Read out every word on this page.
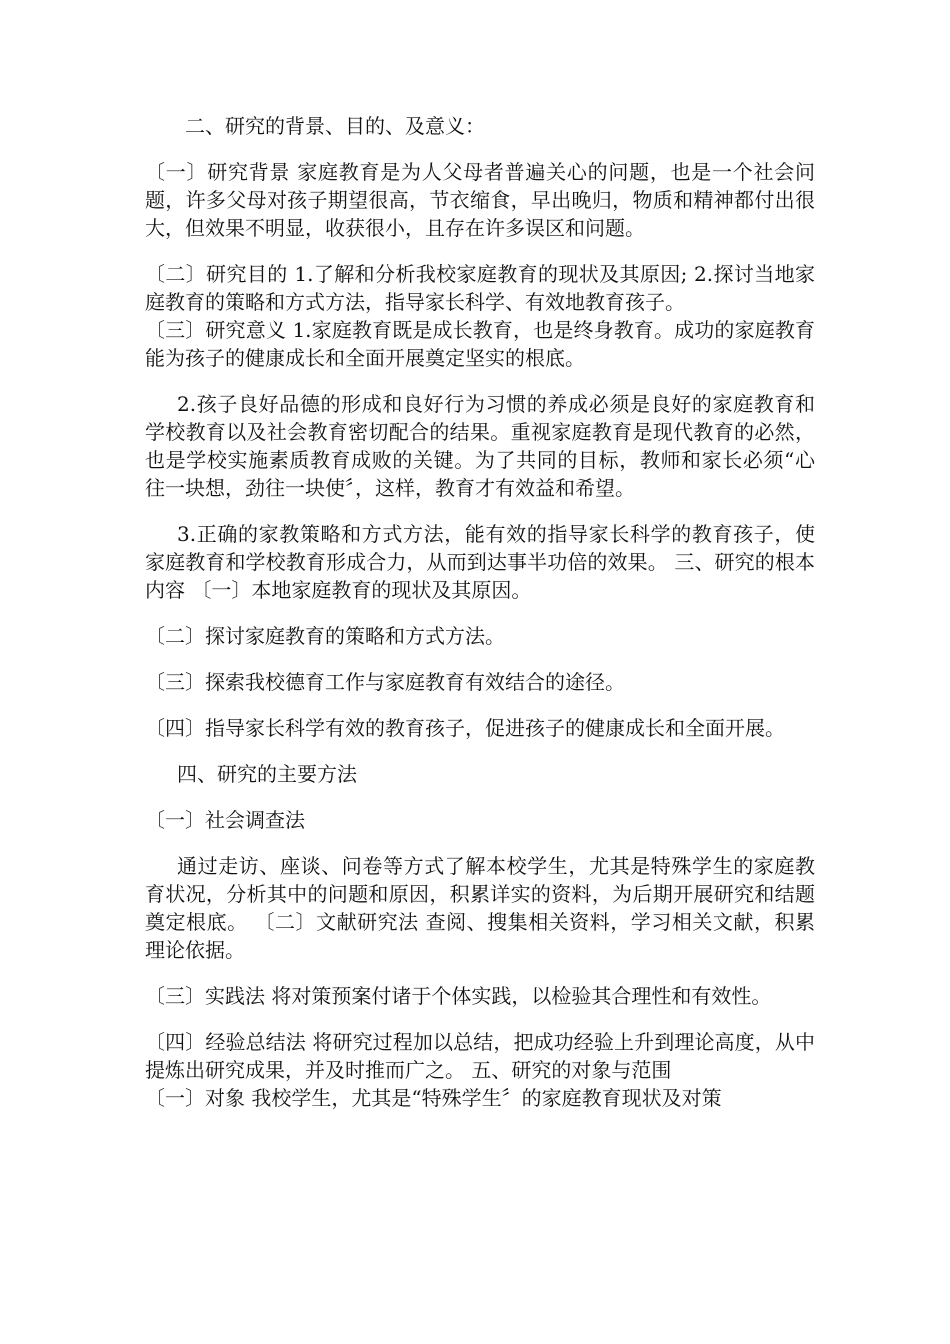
二、研究的背景、目的、及意义：

〔一〕研究背景 家庭教育是为人父母者普遍关心的问题，也是一个社会问题，许多父母对孩子期望很高，节衣缩食，早出晚归，物质和精神都付出很大，但效果不明显，收获很小，且存在许多误区和问题。

〔二〕研究目的 1.了解和分析我校家庭教育的现状及其原因; 2.探讨当地家庭教育的策略和方式方法，指导家长科学、有效地教育孩子。

〔三〕研究意义 1.家庭教育既是成长教育，也是终身教育。成功的家庭教育能为孩子的健康成长和全面开展奠定坚实的根底。

2.孩子良好品德的形成和良好行为习惯的养成必须是良好的家庭教育和学校教育以及社会教育密切配合的结果。重视家庭教育是现代教育的必然，也是学校实施素质教育成败的关键。为了共同的目标，教师和家长必须“心往一块想，劲往一块使〞，这样，教育才有效益和希望。

3.正确的家教策略和方式方法，能有效的指导家长科学的教育孩子，使家庭教育和学校教育形成合力，从而到达事半功倍的效果。 三、研究的根本内容 〔一〕本地家庭教育的现状及其原因。

〔二〕探讨家庭教育的策略和方式方法。

〔三〕探索我校德育工作与家庭教育有效结合的途径。

〔四〕指导家长科学有效的教育孩子，促进孩子的健康成长和全面开展。

四、研究的主要方法

〔一〕社会调查法

通过走访、座谈、问卷等方式了解本校学生，尤其是特殊学生的家庭教育状况，分析其中的问题和原因，积累详实的资料，为后期开展研究和结题奠定根底。 〔二〕文献研究法 查阅、搜集相关资料，学习相关文献，积累理论依据。

〔三〕实践法 将对策预案付诸于个体实践，以检验其合理性和有效性。

〔四〕经验总结法 将研究过程加以总结，把成功经验上升到理论高度，从中提炼出研究成果，并及时推而广之。 五、研究的对象与范围

〔一〕对象 我校学生，尤其是“特殊学生〞的家庭教育现状及对策
